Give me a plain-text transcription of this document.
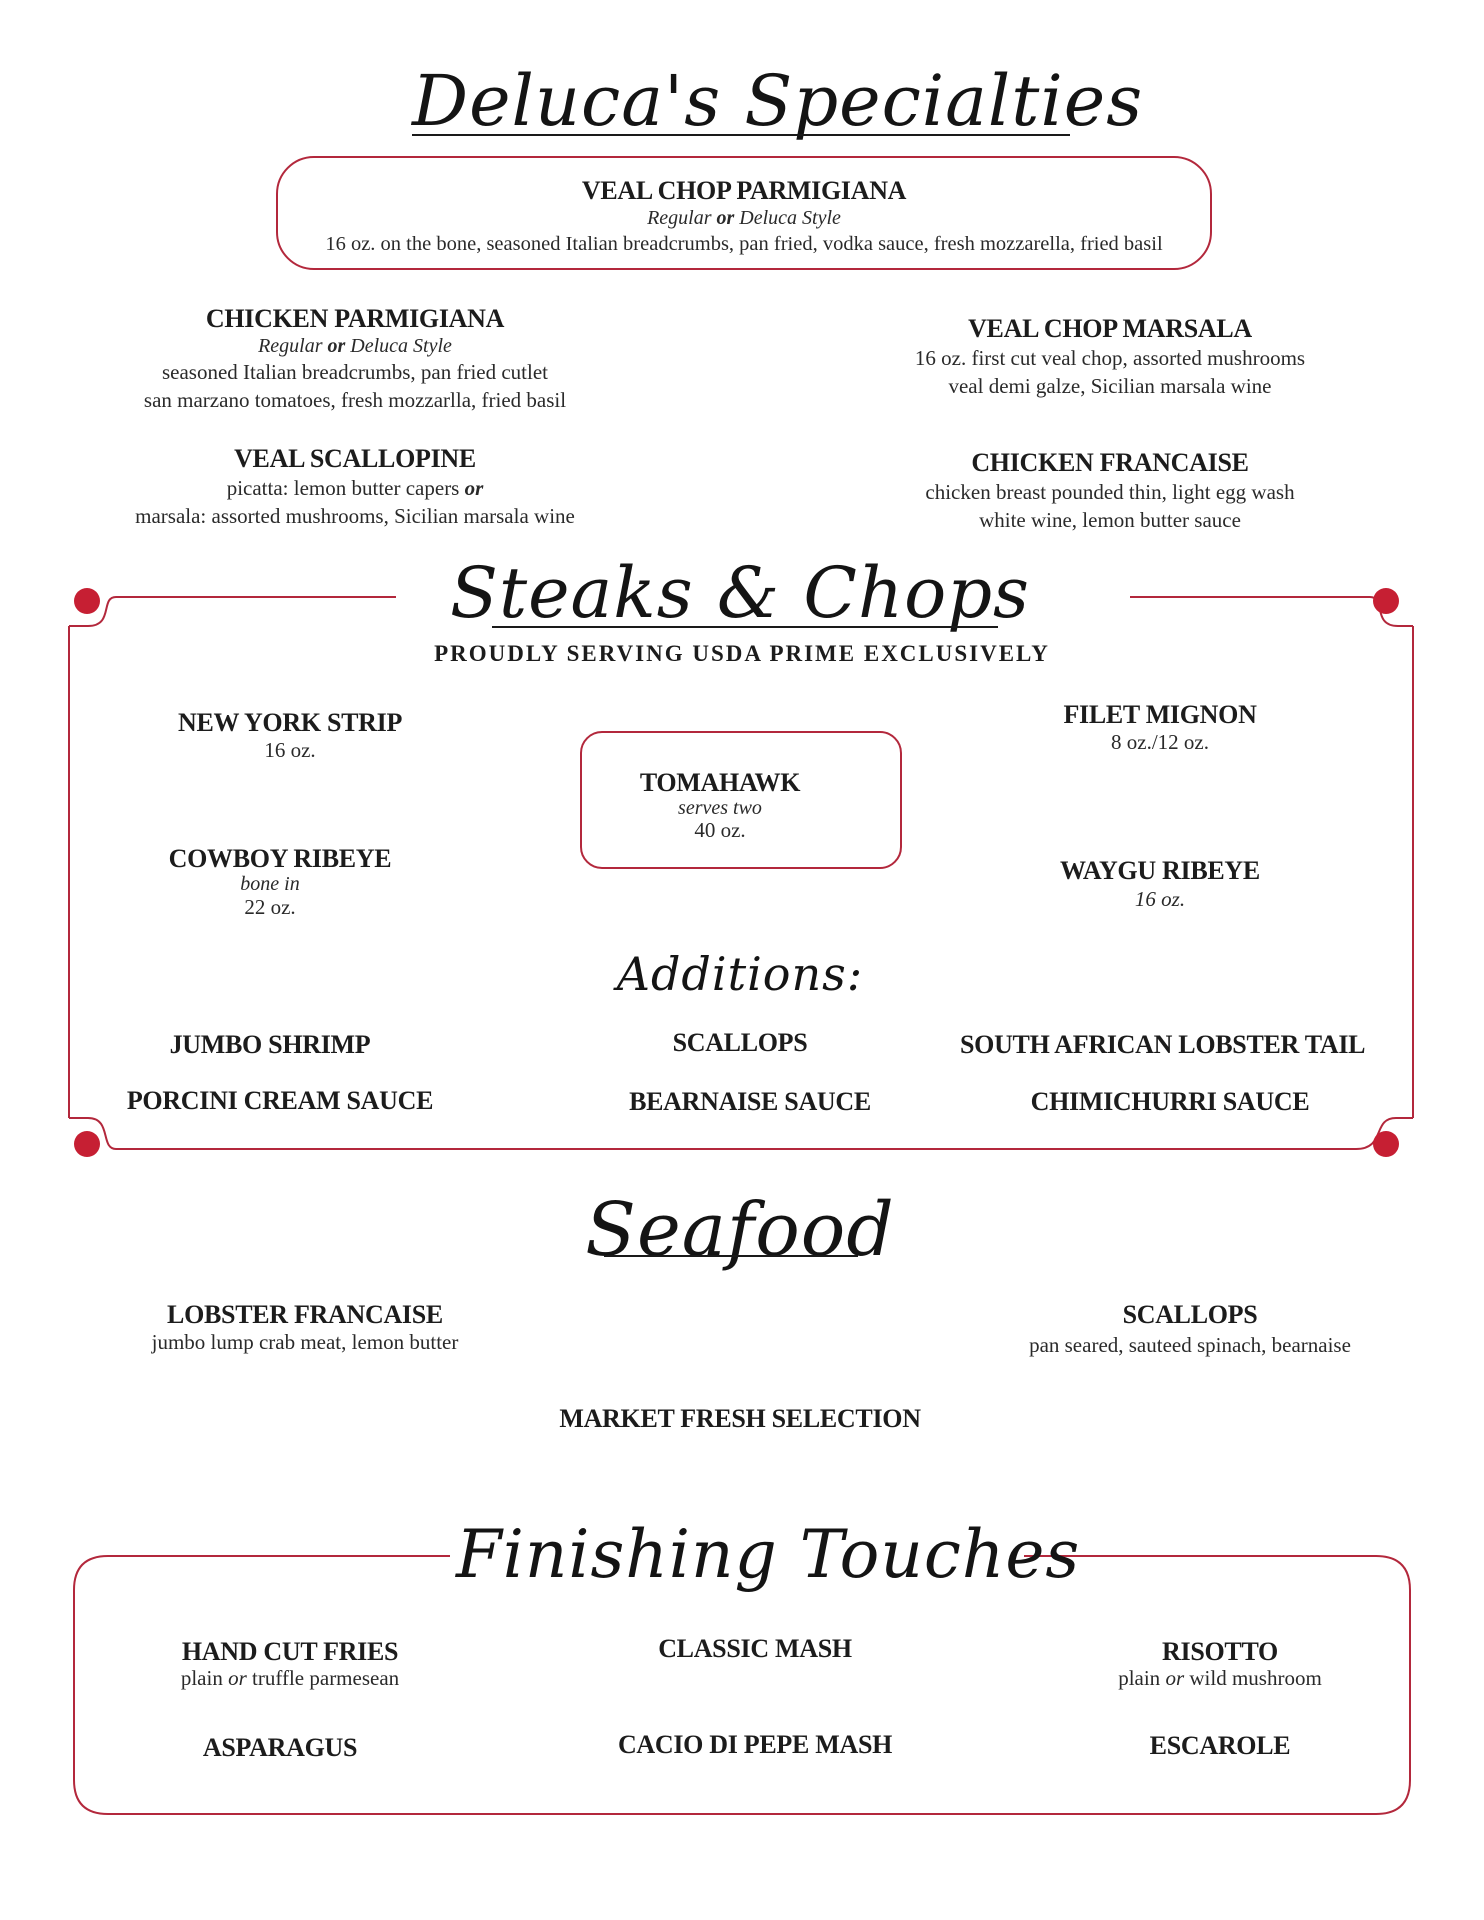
Deluca's Specialties
VEAL CHOP PARMIGIANA
Regular or Deluca Style
16 oz. on the bone, seasoned Italian breadcrumbs, pan fried, vodka sauce, fresh mozzarella, fried basil
CHICKEN PARMIGIANA
Regular or Deluca Style
seasoned Italian breadcrumbs, pan fried cutlet
san marzano tomatoes, fresh mozzarlla, fried basil
VEAL CHOP MARSALA
16 oz. first cut veal chop, assorted mushrooms
veal demi galze, Sicilian marsala wine
VEAL SCALLOPINE
picatta: lemon butter capers or
marsala: assorted mushrooms, Sicilian marsala wine
CHICKEN FRANCAISE
chicken breast pounded thin, light egg wash
white wine, lemon butter sauce
Steaks & Chops
PROUDLY SERVING USDA PRIME EXCLUSIVELY
NEW YORK STRIP
16 oz.
FILET MIGNON
8 oz./12 oz.
TOMAHAWK
serves two
40 oz.
COWBOY RIBEYE
bone in
22 oz.
WAYGU RIBEYE
16 oz.
Additions:
JUMBO SHRIMP	SCALLOPS	SOUTH AFRICAN LOBSTER TAIL
PORCINI CREAM SAUCE	BEARNAISE SAUCE	CHIMICHURRI SAUCE
Seafood
LOBSTER FRANCAISE
jumbo lump crab meat, lemon butter
SCALLOPS
pan seared, sauteed spinach, bearnaise
MARKET FRESH SELECTION
Finishing Touches
HAND CUT FRIES
plain or truffle parmesean
CLASSIC MASH	RISOTTO
plain or wild mushroom
ASPARAGUS	CACIO DI PEPE MASH	ESCAROLE
